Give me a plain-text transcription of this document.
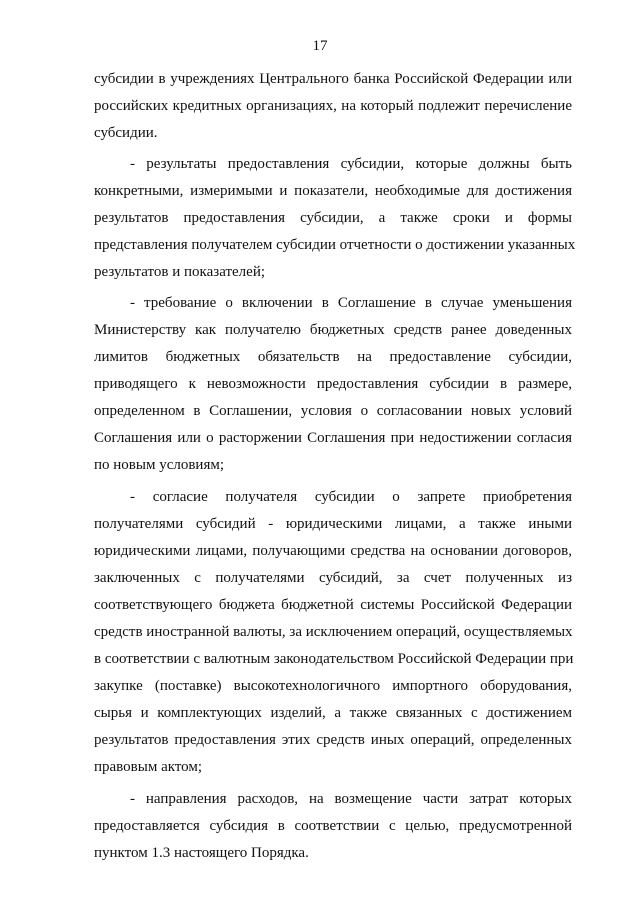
17
субсидии в учреждениях Центрального банка Российской Федерации или
российских кредитных организациях, на который подлежит перечисление
субсидии.
- результаты предоставления субсидии, которые должны быть
конкретными, измеримыми и показатели, необходимые для достижения
результатов предоставления субсидии, а также сроки и формы
представления получателем субсидии отчетности о достижении указанных
результатов и показателей;
- требование о включении в Соглашение в случае уменьшения
Министерству как получателю бюджетных средств ранее доведенных
лимитов бюджетных обязательств на предоставление субсидии,
приводящего к невозможности предоставления субсидии в размере,
определенном в Соглашении, условия о согласовании новых условий
Соглашения или о расторжении Соглашения при недостижении согласия
по новым условиям;
- согласие получателя субсидии о запрете приобретения
получателями субсидий - юридическими лицами, а также иными
юридическими лицами, получающими средства на основании договоров,
заключенных с получателями субсидий, за счет полученных из
соответствующего бюджета бюджетной системы Российской Федерации
средств иностранной валюты, за исключением операций, осуществляемых
в соответствии с валютным законодательством Российской Федерации при
закупке (поставке) высокотехнологичного импортного оборудования,
сырья и комплектующих изделий, а также связанных с достижением
результатов предоставления этих средств иных операций, определенных
правовым актом;
- направления расходов, на возмещение части затрат которых
предоставляется субсидия в соответствии с целью, предусмотренной
пунктом 1.3 настоящего Порядка.
